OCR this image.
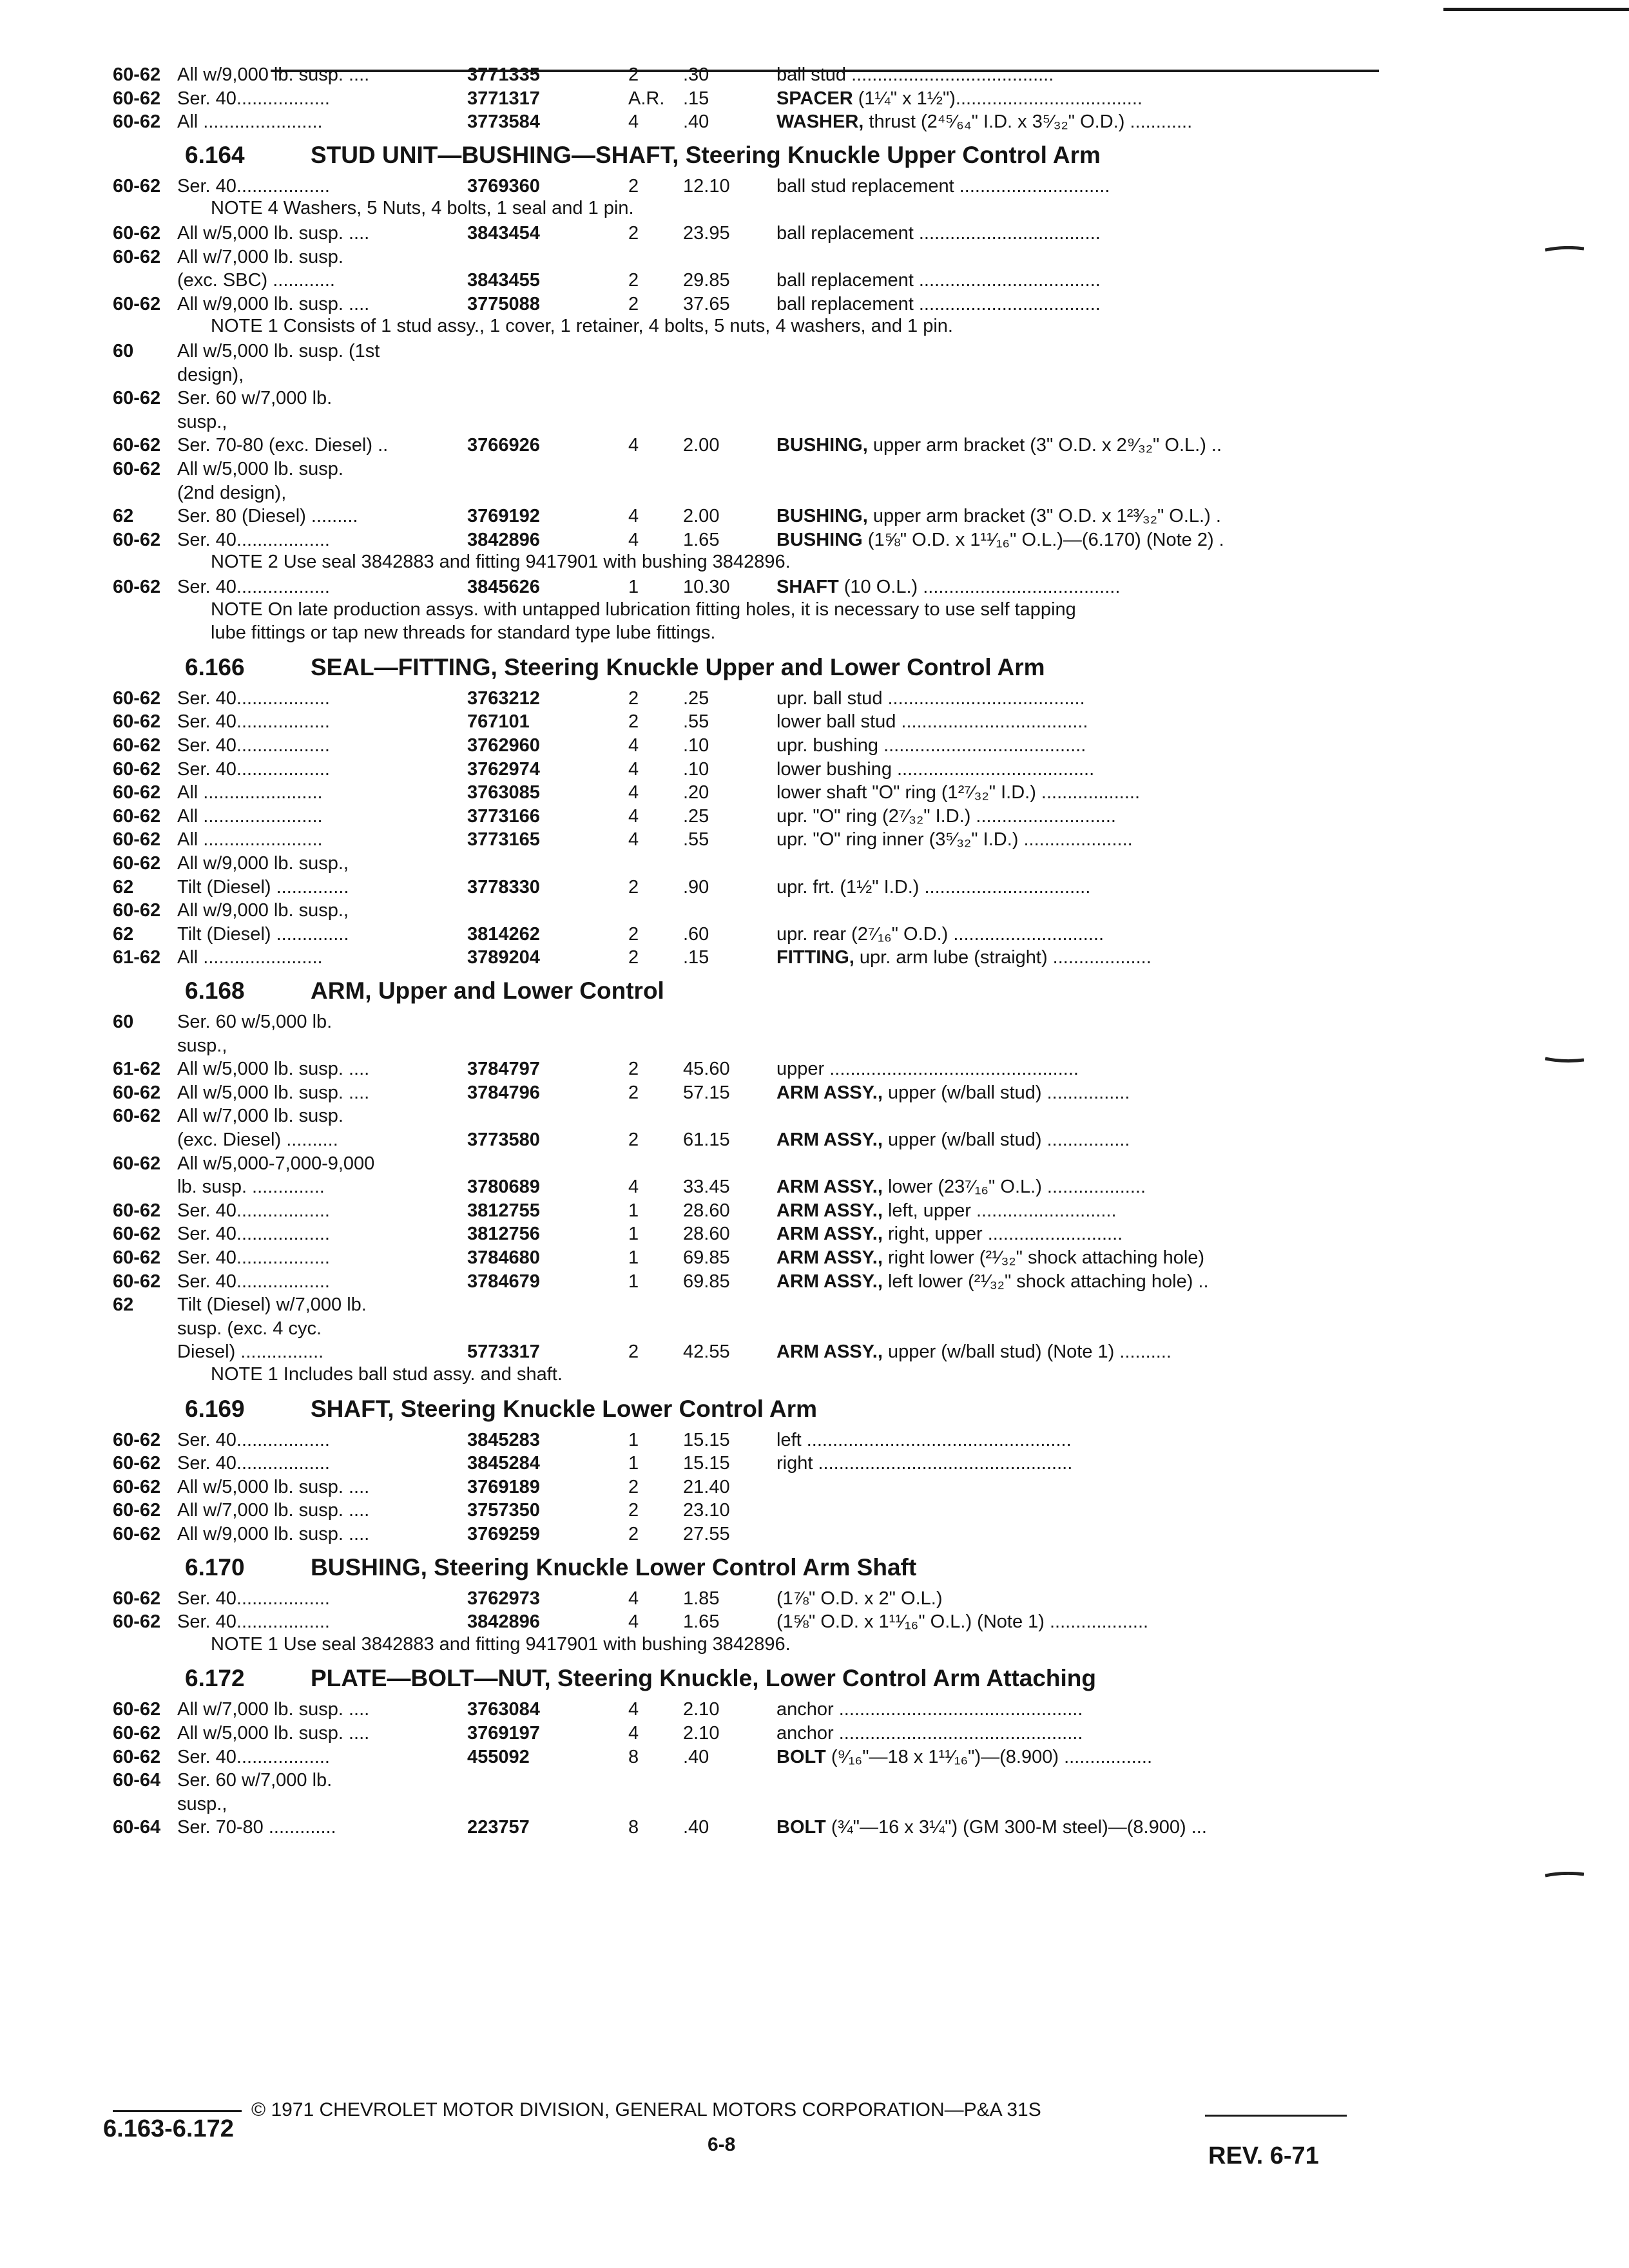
60-62 All w/9,000 lb. susp. ....	3771335	2 .30	ball stud .......................................
60-62 Ser. 40..................	3771317	A.R. .15	SPACER (1¼" x 1½")....................................
60-62 All .......................	3773584	4 .40	WASHER, thrust (2⁴⁵⁄₆₄" I.D. x 3⁵⁄₃₂" O.D.) ............
6.164	STUD UNIT—BUSHING—SHAFT, Steering Knuckle Upper Control Arm
60-62 Ser. 40..................	3769360	2 12.10 ball stud replacement .............................
NOTE 4 Washers, 5 Nuts, 4 bolts, 1 seal and 1 pin.
60-62 All w/5,000 lb. susp. ....	3843454	2 23.95 ball replacement ...................................
60-62 All w/7,000 lb. susp.
(exc. SBC) ............	3843455	2 29.85 ball replacement ...................................
60-62 All w/9,000 lb. susp. ....	3775088	2 37.65 ball replacement ...................................
NOTE 1 Consists of 1 stud assy., 1 cover, 1 retainer, 4 bolts, 5 nuts, 4 washers, and 1 pin.
60	All w/5,000 lb. susp. (1st
design),
60-62 Ser. 60 w/7,000 lb.
susp.,
60-62 Ser. 70-80 (exc. Diesel) ..	3766926	4 2.00	BUSHING, upper arm bracket (3" O.D. x 2⁹⁄₃₂" O.L.) ..
60-62 All w/5,000 lb. susp.
(2nd design),
62	Ser. 80 (Diesel) .........	3769192	4 2.00	BUSHING, upper arm bracket (3" O.D. x 1²³⁄₃₂" O.L.) .
60-62 Ser. 40..................	3842896	4 1.65	BUSHING (1⅝" O.D. x 1¹¹⁄₁₆" O.L.)—(6.170) (Note 2) .
NOTE 2 Use seal 3842883 and fitting 9417901 with bushing 3842896.
60-62 Ser. 40..................	3845626	1 10.30 SHAFT (10 O.L.) ......................................
NOTE On late production assys. with untapped lubrication fitting holes, it is necessary to use self tapping
lube fittings or tap new threads for standard type lube fittings.
6.166	SEAL—FITTING, Steering Knuckle Upper and Lower Control Arm
60-62 Ser. 40..................	3763212	2 .25	upr. ball stud ......................................
60-62 Ser. 40..................	767101	2 .55	lower ball stud ....................................
60-62 Ser. 40..................	3762960	4 .10	upr. bushing .......................................
60-62 Ser. 40..................	3762974	4 .10	lower bushing ......................................
60-62 All .......................	3763085	4 .20	lower shaft "O" ring (1²⁷⁄₃₂" I.D.) ...................
60-62 All .......................	3773166	4 .25	upr. "O" ring (2⁷⁄₃₂" I.D.) ...........................
60-62 All .......................	3773165	4 .55	upr. "O" ring inner (3⁵⁄₃₂" I.D.) .....................
60-62 All w/9,000 lb. susp.,
62	Tilt (Diesel) ..............	3778330	2 .90	upr. frt. (1½" I.D.) ................................
60-62 All w/9,000 lb. susp.,
62	Tilt (Diesel) ..............	3814262	2 .60	upr. rear (2⁷⁄₁₆" O.D.) .............................
61-62 All .......................	3789204	2 .15	FITTING, upr. arm lube (straight) ...................
6.168	ARM, Upper and Lower Control
60	Ser. 60 w/5,000 lb.
susp.,
61-62 All w/5,000 lb. susp. ....	3784797	2 45.60 upper ................................................
60-62 All w/5,000 lb. susp. ....	3784796	2 57.15 ARM ASSY., upper (w/ball stud) ................
60-62 All w/7,000 lb. susp.
(exc. Diesel) ..........	3773580	2 61.15 ARM ASSY., upper (w/ball stud) ................
60-62 All w/5,000-7,000-9,000
lb. susp. ..............	3780689	4 33.45 ARM ASSY., lower (23⁷⁄₁₆" O.L.) ...................
60-62 Ser. 40..................	3812755	1 28.60 ARM ASSY., left, upper ...........................
60-62 Ser. 40..................	3812756	1 28.60 ARM ASSY., right, upper ..........................
60-62 Ser. 40..................	3784680	1 69.85 ARM ASSY., right lower (²¹⁄₃₂" shock attaching hole)
60-62 Ser. 40..................	3784679	1 69.85 ARM ASSY., left lower (²¹⁄₃₂" shock attaching hole) ..
62	Tilt (Diesel) w/7,000 lb.
susp. (exc. 4 cyc.
Diesel) ................	5773317	2 42.55 ARM ASSY., upper (w/ball stud) (Note 1) ..........
NOTE 1 Includes ball stud assy. and shaft.
6.169	SHAFT, Steering Knuckle Lower Control Arm
60-62 Ser. 40..................	3845283	1 15.15 left ...................................................
60-62 Ser. 40..................	3845284	1 15.15 right .................................................
60-62 All w/5,000 lb. susp. ....	3769189	2 21.40
60-62 All w/7,000 lb. susp. ....	3757350	2 23.10
60-62 All w/9,000 lb. susp. ....	3769259	2 27.55
6.170	BUSHING, Steering Knuckle Lower Control Arm Shaft
60-62 Ser. 40..................	3762973	4 1.85	(1⅞" O.D. x 2" O.L.)
60-62 Ser. 40..................	3842896	4 1.65	(1⅝" O.D. x 1¹¹⁄₁₆" O.L.) (Note 1) ...................
NOTE 1 Use seal 3842883 and fitting 9417901 with bushing 3842896.
6.172	PLATE—BOLT—NUT, Steering Knuckle, Lower Control Arm Attaching
60-62 All w/7,000 lb. susp. ....	3763084	4 2.10	anchor ...............................................
60-62 All w/5,000 lb. susp. ....	3769197	4 2.10	anchor ...............................................
60-62 Ser. 40..................	455092	8 .40	BOLT (⁹⁄₁₆"—18 x 1¹¹⁄₁₆")—(8.900) .................
60-64 Ser. 60 w/7,000 lb.
susp.,
60-64 Ser. 70-80 .............	223757	8 .40	BOLT (¾"—16 x 3¼") (GM 300-M steel)—(8.900) ...
© 1971 CHEVROLET MOTOR DIVISION, GENERAL MOTORS CORPORATION—P&A 31S
6.163-6.172
6-8	REV. 6-71
